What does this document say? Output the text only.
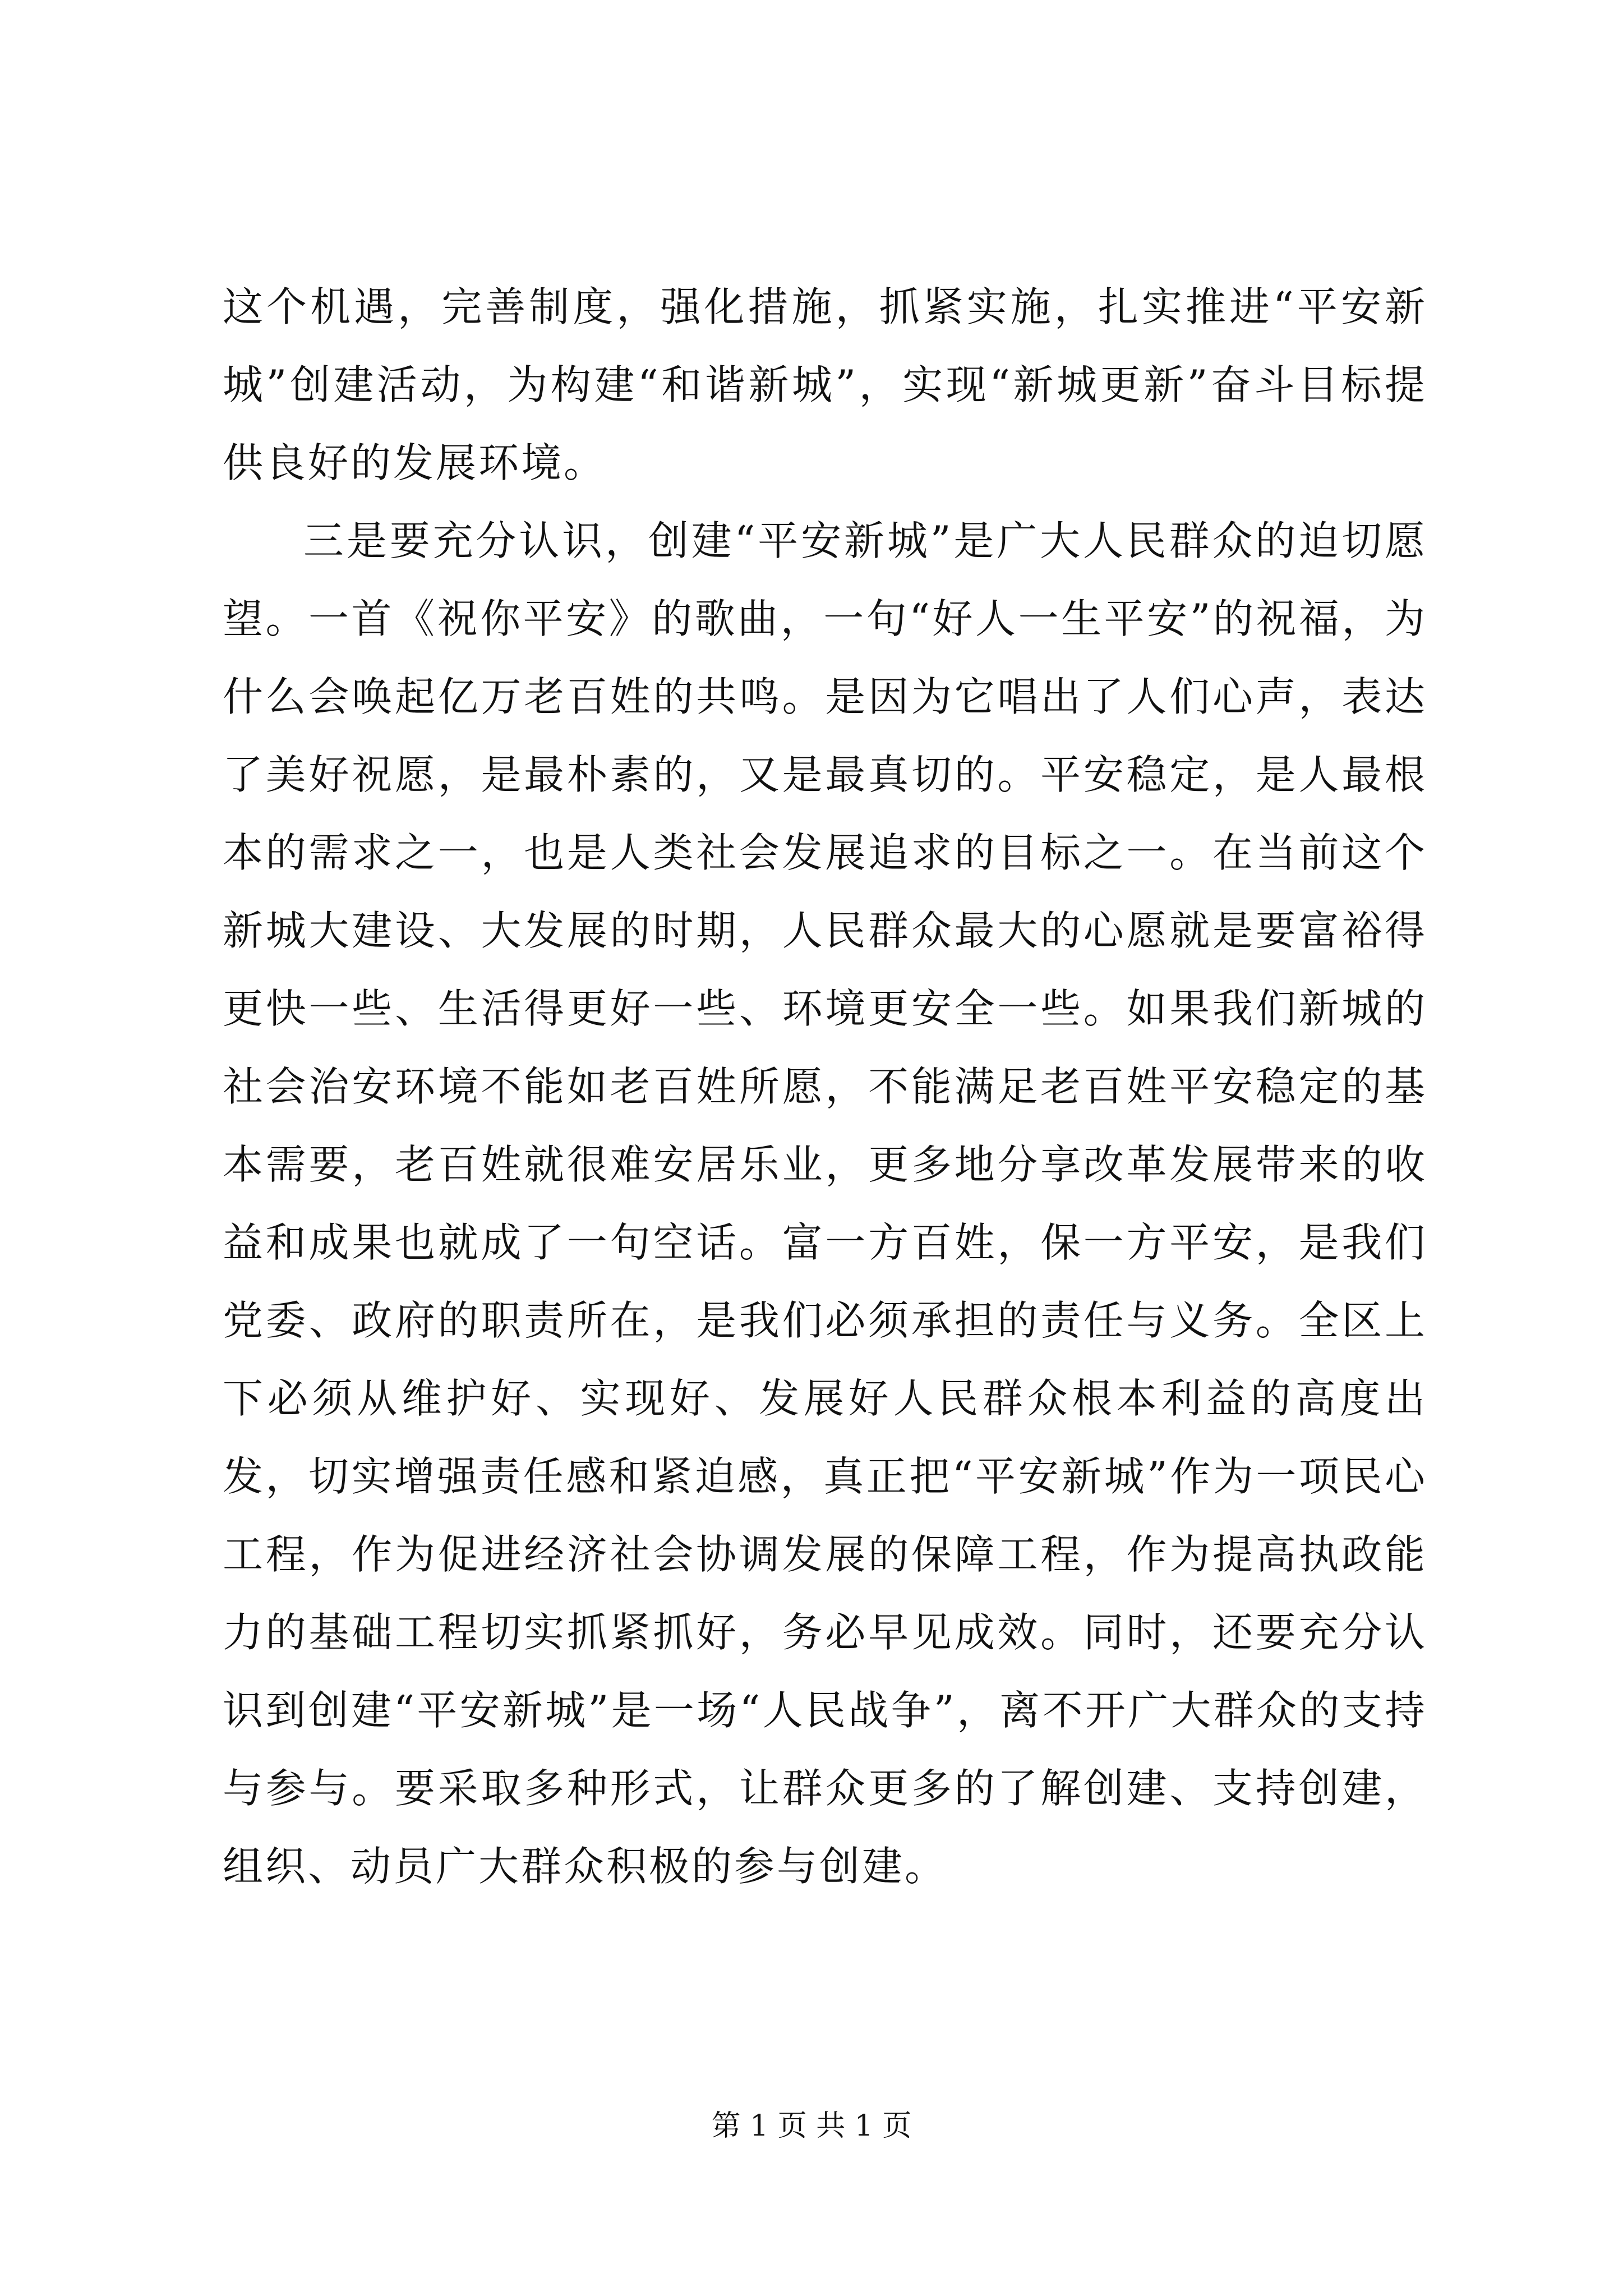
这个机遇，完善制度，强化措施，抓紧实施，扎实推进“平安新城”创建活动，为构建“和谐新城”，实现“新城更新”奋斗目标提供良好的发展环境。

三是要充分认识，创建“平安新城”是广大人民群众的迫切愿望。一首《祝你平安》的歌曲，一句“好人一生平安”的祝福，为什么会唤起亿万老百姓的共鸣。是因为它唱出了人们心声，表达了美好祝愿，是最朴素的，又是最真切的。平安稳定，是人最根本的需求之一，也是人类社会发展追求的目标之一。在当前这个新城大建设、大发展的时期，人民群众最大的心愿就是要富裕得更快一些、生活得更好一些、环境更安全一些。如果我们新城的社会治安环境不能如老百姓所愿，不能满足老百姓平安稳定的基本需要，老百姓就很难安居乐业，更多地分享改革发展带来的收益和成果也就成了一句空话。富一方百姓，保一方平安，是我们党委、政府的职责所在，是我们必须承担的责任与义务。全区上下必须从维护好、实现好、发展好人民群众根本利益的高度出发，切实增强责任感和紧迫感，真正把“平安新城”作为一项民心工程，作为促进经济社会协调发展的保障工程，作为提高执政能力的基础工程切实抓紧抓好，务必早见成效。同时，还要充分认识到创建“平安新城”是一场“人民战争”，离不开广大群众的支持与参与。要采取多种形式，让群众更多的了解创建、支持创建，组织、动员广大群众积极的参与创建。

第 1 页 共 1 页
